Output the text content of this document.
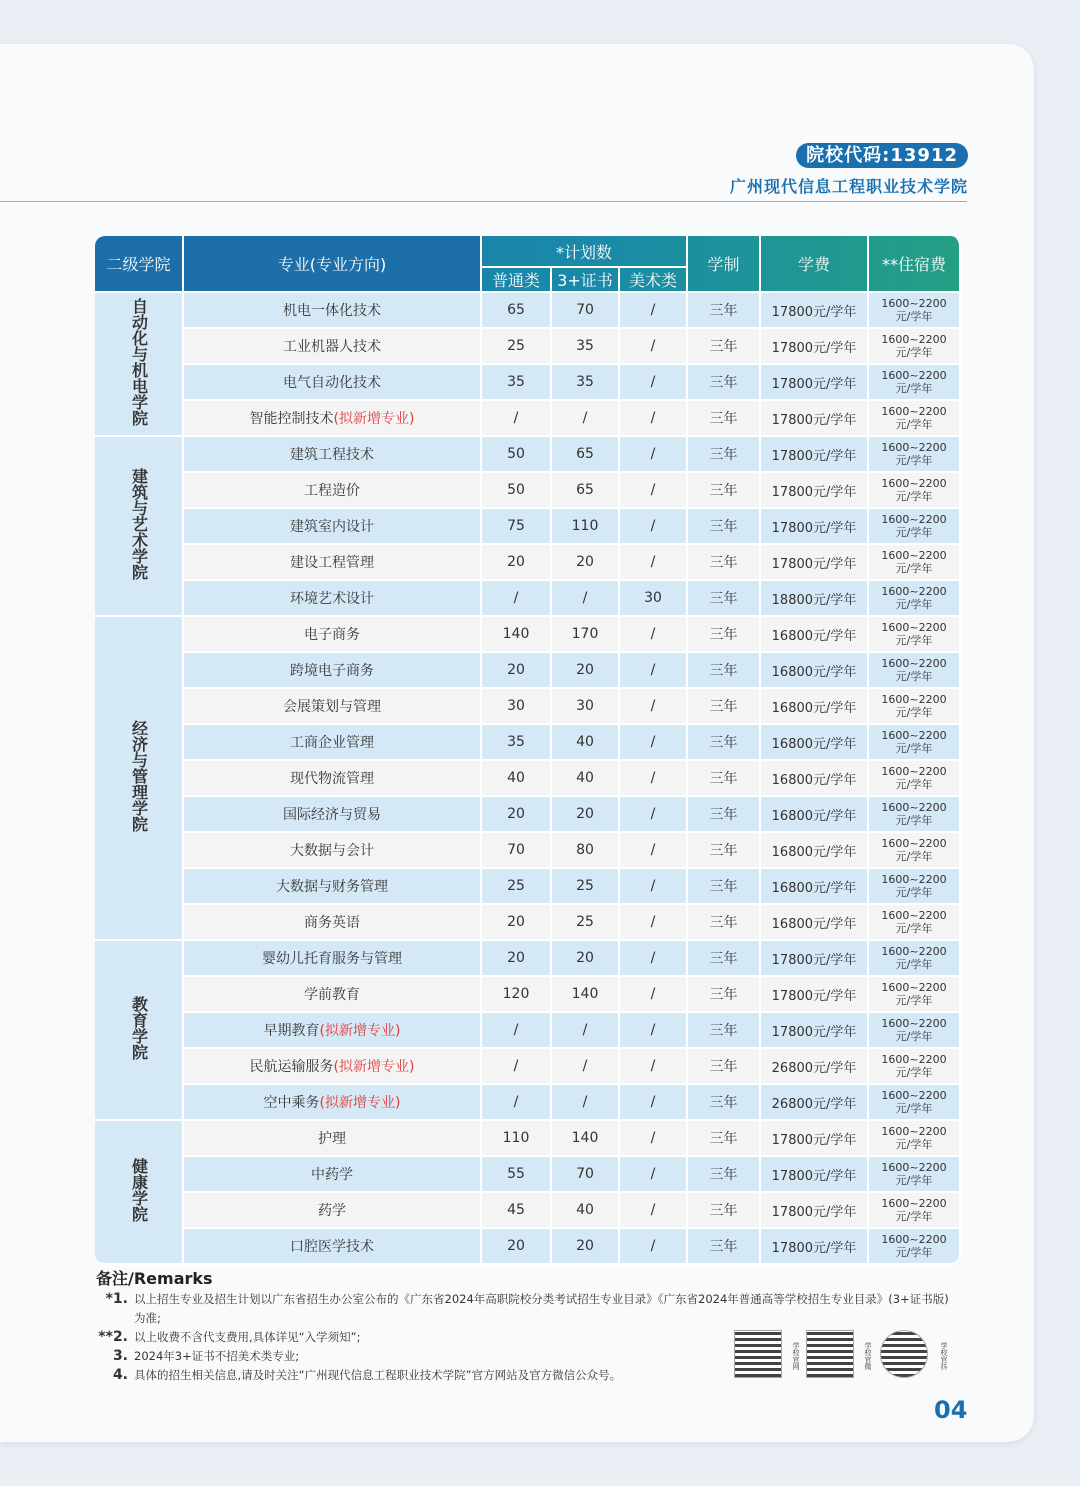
院校代码:13912
广州现代信息工程职业技术学院
二级学院	专业(专业方向)	*计划数			学制	学费	**住宿费
		普通类	3+证书	美术类			
自动化与机电学院	机电一体化技术	65	70	/	三年	17800元/学年	1600~2200
元/学年

	工业机器人技术	25	35	/	三年	17800元/学年	1600~2200
元/学年

	电气自动化技术	35	35	/	三年	17800元/学年	1600~2200
元/学年

	智能控制技术(拟新增专业)	/	/	/	三年	17800元/学年	1600~2200
元/学年

建筑与艺术学院	建筑工程技术	50	65	/	三年	17800元/学年	1600~2200
元/学年

	工程造价	50	65	/	三年	17800元/学年	1600~2200
元/学年

	建筑室内设计	75	110	/	三年	17800元/学年	1600~2200
元/学年

	建设工程管理	20	20	/	三年	17800元/学年	1600~2200
元/学年

	环境艺术设计	/	/	30	三年	18800元/学年	1600~2200
元/学年

经济与管理学院	电子商务	140	170	/	三年	16800元/学年	1600~2200
元/学年

	跨境电子商务	20	20	/	三年	16800元/学年	1600~2200
元/学年

	会展策划与管理	30	30	/	三年	16800元/学年	1600~2200
元/学年

	工商企业管理	35	40	/	三年	16800元/学年	1600~2200
元/学年

	现代物流管理	40	40	/	三年	16800元/学年	1600~2200
元/学年

	国际经济与贸易	20	20	/	三年	16800元/学年	1600~2200
元/学年

	大数据与会计	70	80	/	三年	16800元/学年	1600~2200
元/学年

	大数据与财务管理	25	25	/	三年	16800元/学年	1600~2200
元/学年

	商务英语	20	25	/	三年	16800元/学年	1600~2200
元/学年

教育学院	婴幼儿托育服务与管理	20	20	/	三年	17800元/学年	1600~2200
元/学年

	学前教育	120	140	/	三年	17800元/学年	1600~2200
元/学年

	早期教育(拟新增专业)	/	/	/	三年	17800元/学年	1600~2200
元/学年

	民航运输服务(拟新增专业)	/	/	/	三年	26800元/学年	1600~2200
元/学年

	空中乘务(拟新增专业)	/	/	/	三年	26800元/学年	1600~2200
元/学年

健康学院	护理	110	140	/	三年	17800元/学年	1600~2200
元/学年

	中药学	55	70	/	三年	17800元/学年	1600~2200
元/学年

	药学	45	40	/	三年	17800元/学年	1600~2200
元/学年

	口腔医学技术	20	20	/	三年	17800元/学年	1600~2200
元/学年
备注/Remarks
*1. 以上招生专业及招生计划以广东省招生办公室公布的《广东省2024年高职院校分类考试招生专业目录》《广东省2024年普通高等学校招生专业目录》(3+证书版)为准;
**2. 以上收费不含代支费用,具体详见“入学须知”;
3. 2024年3+证书不招美术类专业;
4. 具体的招生相关信息,请及时关注“广州现代信息工程职业技术学院”官方网站及官方微信公众号。
学校官网	学校官微	学校官抖
04
